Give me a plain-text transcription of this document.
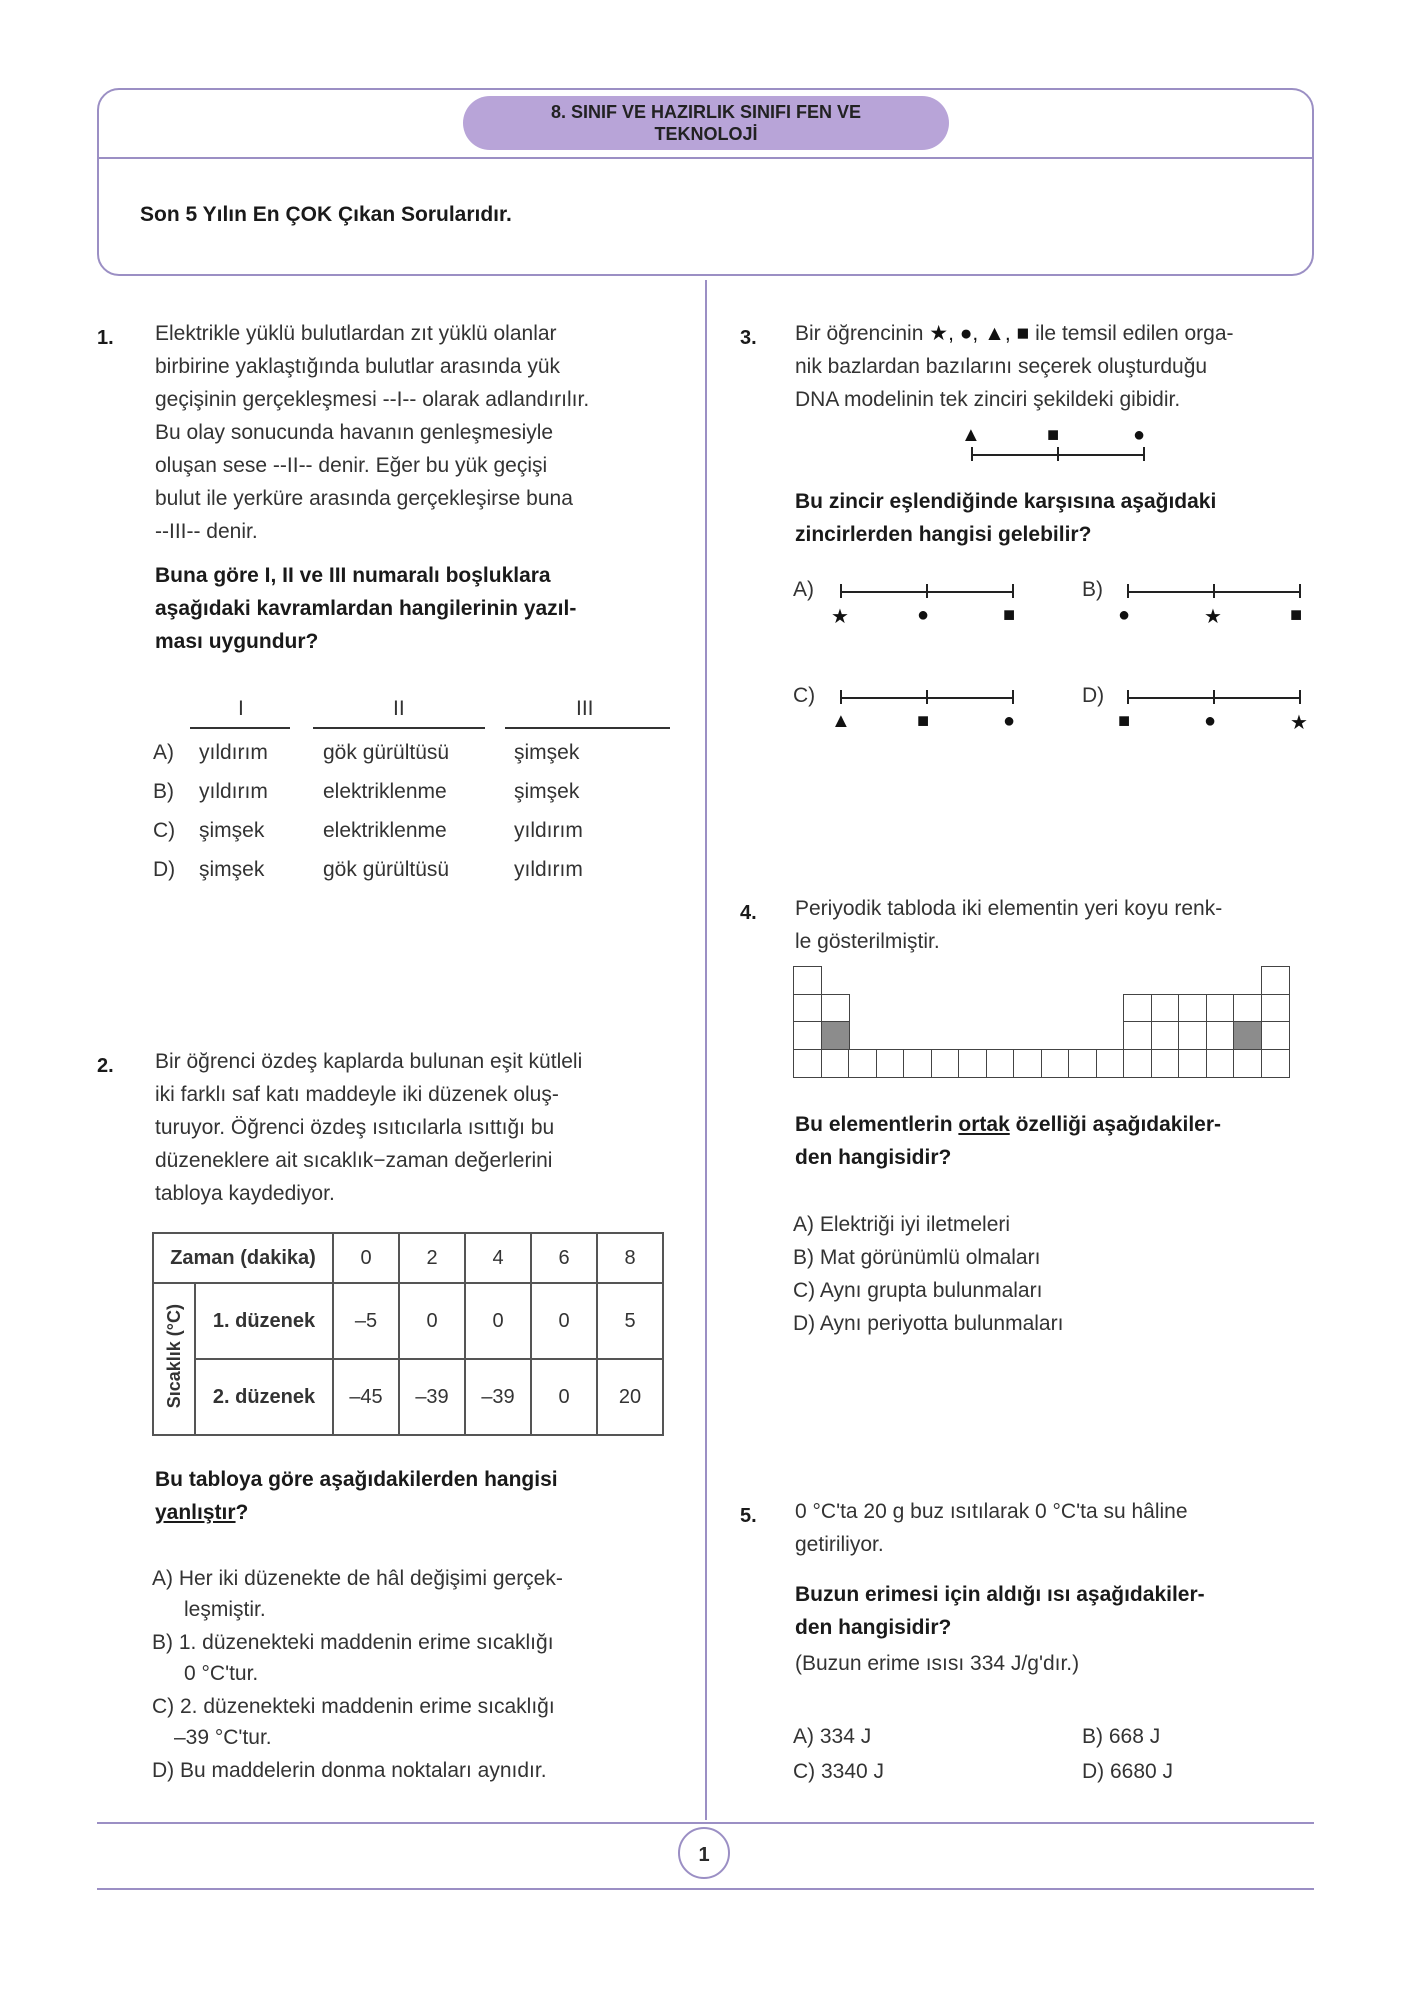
8. SINIF VE HAZIRLIK SINIFI FEN VE
TEKNOLOJİ
Son 5 Yılın En ÇOK Çıkan Sorularıdır.
1. Elektrikle yüklü bulutlardan zıt yüklü olanlar
birbirine yaklaştığında bulutlar arasında yük
geçişinin gerçekleşmesi --I-- olarak adlandırılır.
Bu olay sonucunda havanın genleşmesiyle
oluşan sese --II-- denir. Eğer bu yük geçişi
bulut ile yerküre arasında gerçekleşirse buna
--III-- denir.
Buna göre I, II ve III numaralı boşluklara
aşağıdaki kavramlardan hangilerinin yazıl-
ması uygundur?
I	II	III
A) yıldırım	gök gürültüsü	şimşek
B) yıldırım	elektriklenme	şimşek
C) şimşek	elektriklenme	yıldırım
D) şimşek	gök gürültüsü	yıldırım
2. Bir öğrenci özdeş kaplarda bulunan eşit kütleli
iki farklı saf katı maddeyle iki düzenek oluş-
turuyor. Öğrenci özdeş ısıtıcılarla ısıttığı bu
düzeneklere ait sıcaklık−zaman değerlerini
tabloya kaydediyor.
Zaman (dakika)		0	2	4	6	8
Sıcaklık (°C)	1. düzenek	–5	0	0	0	5
	2. düzenek	–45	–39	–39	0	20
Bu tabloya göre aşağıdakilerden hangisi
yanlıştır?
A) Her iki düzenekte de hâl değişimi gerçek-
leşmiştir.
B) 1. düzenekteki maddenin erime sıcaklığı
0 °C'tur.
C) 2. düzenekteki maddenin erime sıcaklığı
–39 °C'tur.
D) Bu maddelerin donma noktaları aynıdır.
3. Bir öğrencinin ★, ●, ▲, ■ ile temsil edilen orga-
nik bazlardan bazılarını seçerek oluşturduğu
DNA modelinin tek zinciri şekildeki gibidir.
▲	■	●
Bu zincir eşlendiğinde karşısına aşağıdaki
zincirlerden hangisi gelebilir?
A)
★	●	■
B)
●	★	■
C)
▲	■	●
D)
■	●	★
4. Periyodik tabloda iki elementin yeri koyu renk-
le gösterilmiştir.
Bu elementlerin ortak özelliği aşağıdakiler-
den hangisidir?
A) Elektriği iyi iletmeleri
B) Mat görünümlü olmaları
C) Aynı grupta bulunmaları
D) Aynı periyotta bulunmaları
5. 0 °C'ta 20 g buz ısıtılarak 0 °C'ta su hâline
getiriliyor.
Buzun erimesi için aldığı ısı aşağıdakiler-
den hangisidir?
(Buzun erime ısısı 334 J/g'dır.)
A) 334 J	B) 668 J
C) 3340 J	D) 6680 J
1
